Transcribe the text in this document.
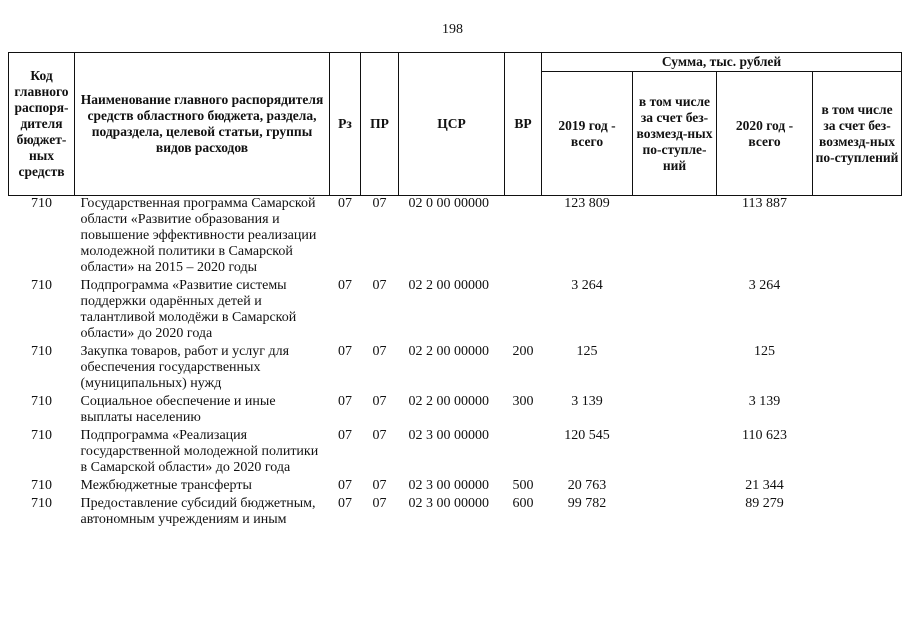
198
Код главного распоря-дителя бюджет-ных средств	Наименование главного распорядителя средств областного бюджета, раздела, подраздела, целевой статьи, группы видов расходов	Рз	ПР	ЦСР	ВР	Сумма, тыс. рублей			
						2019 год - всего	в том числе за счет без-возмезд-ных по-ступле-ний	2020 год - всего	в том числе за счет без-возмезд-ных по-ступлений
710	Государственная программа Самарской области «Развитие образования и повышение эффективности реализации молодежной политики в Самарской области» на 2015 – 2020 годы	07	07	02 0 00 00000		123 809		113 887	
710	Подпрограмма «Развитие системы поддержки одарённых детей и талантливой молодёжи в Самарской области» до 2020 года	07	07	02 2 00 00000		3 264		3 264	
710	Закупка товаров, работ и услуг для обеспечения государственных (муниципальных) нужд	07	07	02 2 00 00000	200	125		125	
710	Социальное обеспечение и иные выплаты населению	07	07	02 2 00 00000	300	3 139		3 139	
710	Подпрограмма «Реализация государственной молодежной политики в Самарской области» до 2020 года	07	07	02 3 00 00000		120 545		110 623	
710	Межбюджетные трансферты	07	07	02 3 00 00000	500	20 763		21 344	
710	Предоставление субсидий бюджетным, автономным учреждениям и иным	07	07	02 3 00 00000	600	99 782		89 279	
